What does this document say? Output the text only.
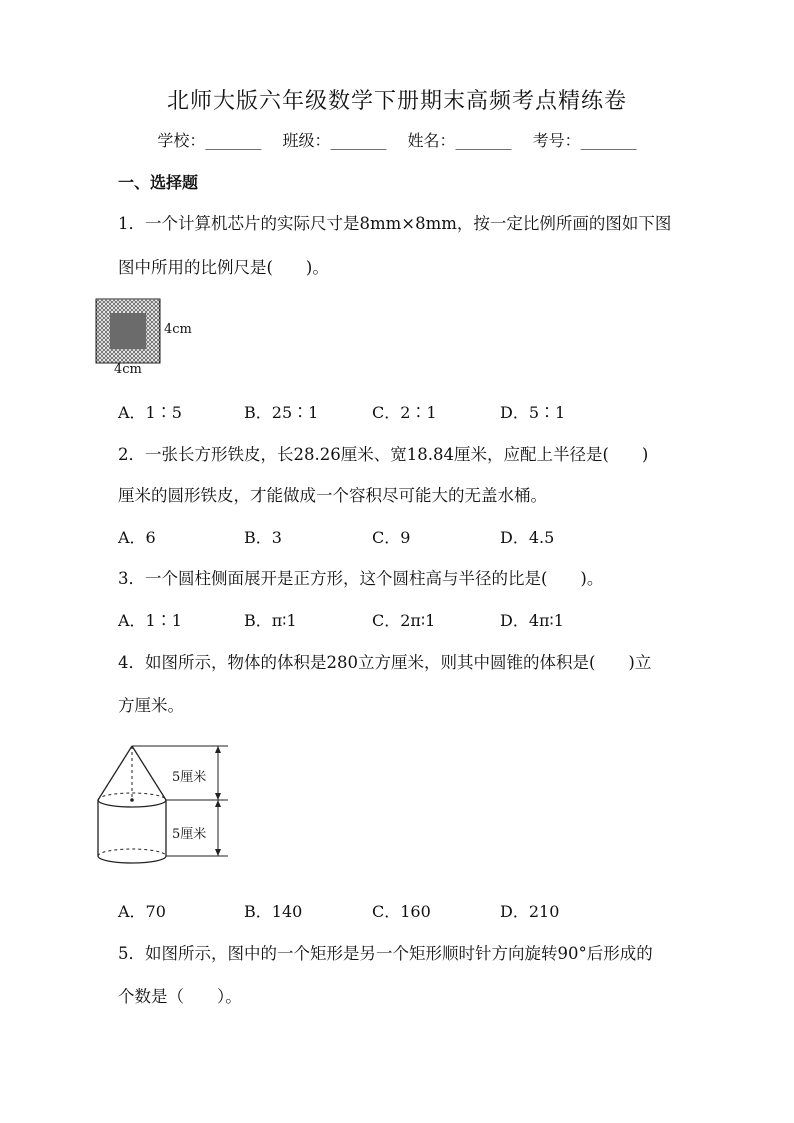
北师大版六年级数学下册期末高频考点精练卷
学校：_______ 班级：_______ 姓名：_______ 考号：_______
一、选择题
1．一个计算机芯片的实际尺寸是8mm×8mm，按一定比例所画的图如下图
图中所用的比例尺是(　　)。
4cm
4cm
A．1∶5	B．25∶1	C．2∶1	D．5∶1
2．一张长方形铁皮，长28.26厘米、宽18.84厘米，应配上半径是(　　)
厘米的圆形铁皮，才能做成一个容积尽可能大的无盖水桶。
A．6	B．3	C．9	D．4.5
3．一个圆柱侧面展开是正方形，这个圆柱高与半径的比是(　　)。
A．1∶1	B．π∶1	C．2π∶1	D．4π∶1
4．如图所示，物体的体积是280立方厘米，则其中圆锥的体积是(　　)立
方厘米。
5厘米
5厘米
A．70	B．140	C．160	D．210
5．如图所示，图中的一个矩形是另一个矩形顺时针方向旋转90°后形成的
个数是（　　）。
